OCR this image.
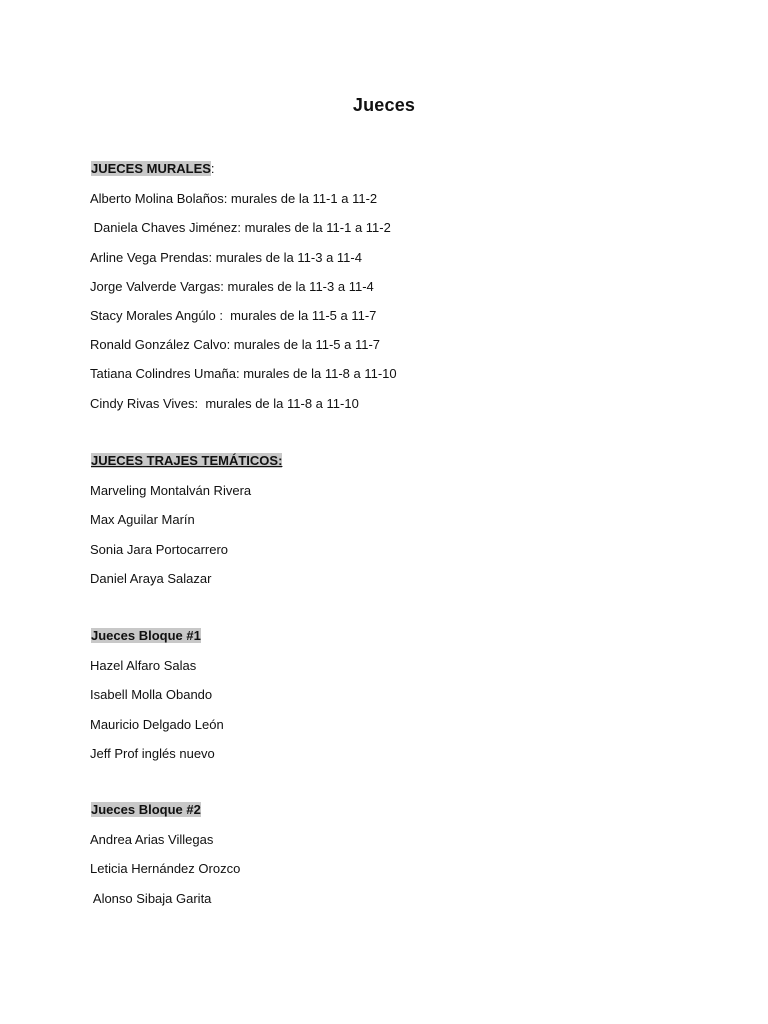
Jueces
JUECES MURALES:
Alberto Molina Bolaños: murales de la 11-1 a 11-2
Daniela Chaves Jiménez: murales de la 11-1 a 11-2
Arline Vega Prendas: murales de la 11-3 a 11-4
Jorge Valverde Vargas: murales de la 11-3 a 11-4
Stacy Morales Angúlo :  murales de la 11-5 a 11-7
Ronald González Calvo: murales de la 11-5 a 11-7
Tatiana Colindres Umaña: murales de la 11-8 a 11-10
Cindy Rivas Vives:  murales de la 11-8 a 11-10
JUECES TRAJES TEMÁTICOS:
Marveling Montalván Rivera
Max Aguilar Marín
Sonia Jara Portocarrero
Daniel Araya Salazar
Jueces Bloque #1
Hazel Alfaro Salas
Isabell Molla Obando
Mauricio Delgado León
Jeff Prof inglés nuevo
Jueces Bloque #2
Andrea Arias Villegas
Leticia Hernández Orozco
Alonso Sibaja Garita
